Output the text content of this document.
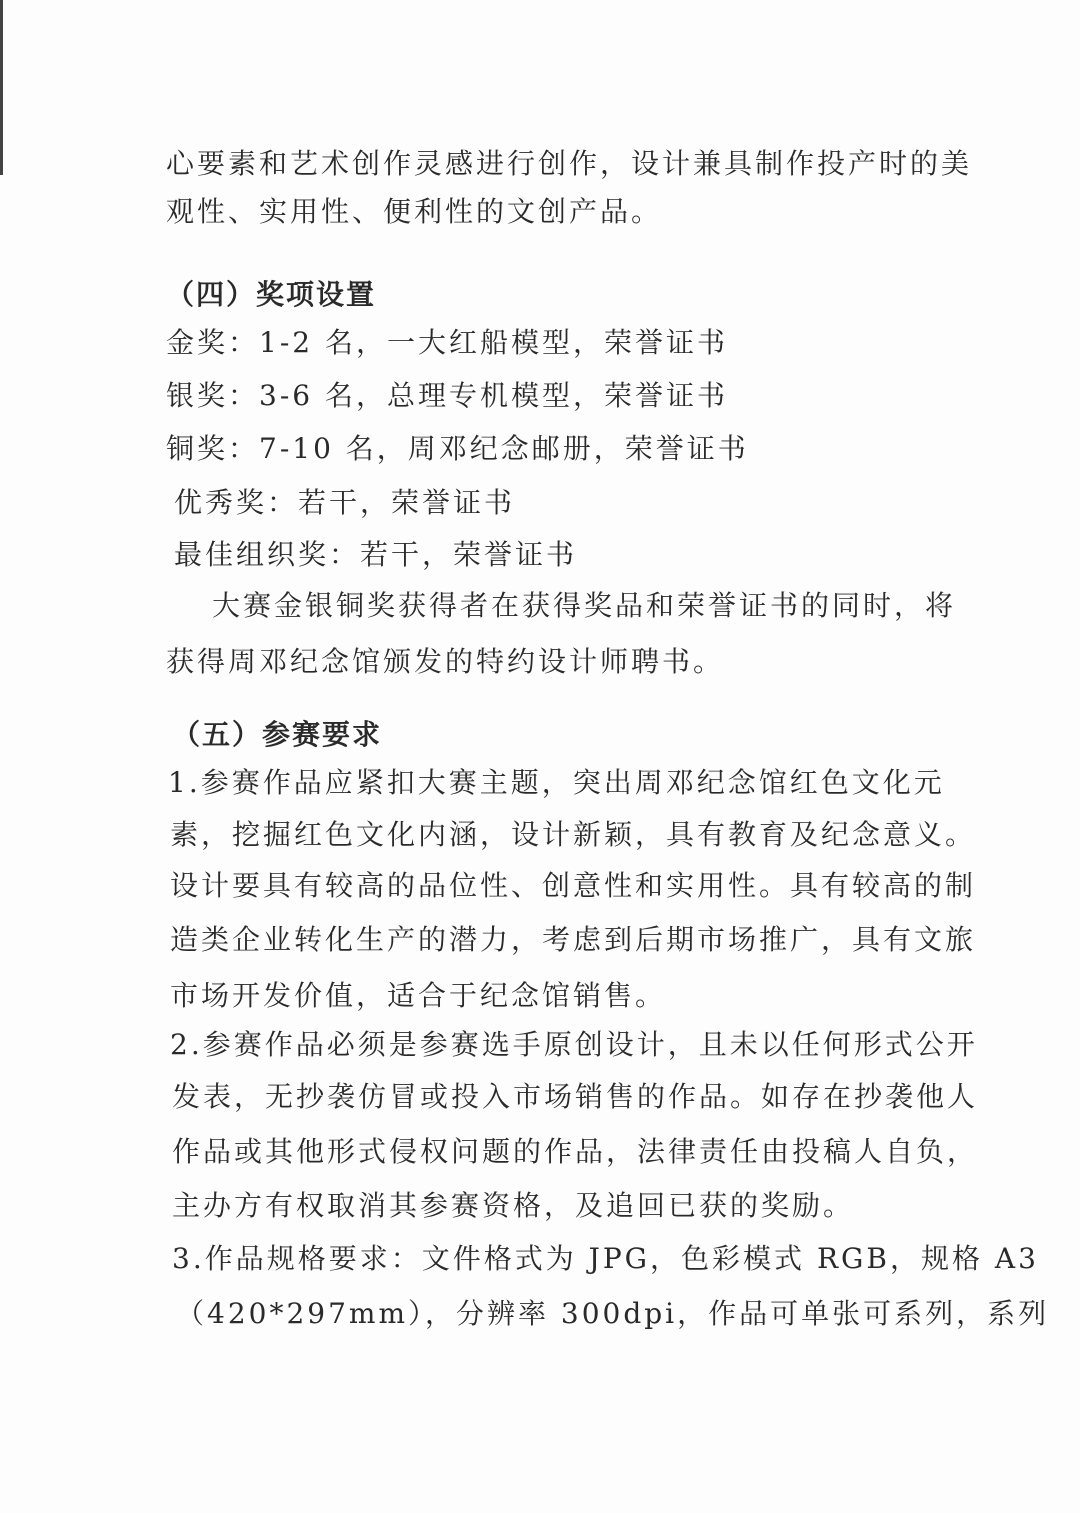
心要素和艺术创作灵感进行创作，设计兼具制作投产时的美
观性、实用性、便利性的文创产品。
（四）奖项设置
金奖：1-2 名，一大红船模型，荣誉证书
银奖：3-6 名，总理专机模型，荣誉证书
铜奖：7-10 名，周邓纪念邮册，荣誉证书
优秀奖：若干，荣誉证书
最佳组织奖：若干，荣誉证书
大赛金银铜奖获得者在获得奖品和荣誉证书的同时，将
获得周邓纪念馆颁发的特约设计师聘书。
（五）参赛要求
1.参赛作品应紧扣大赛主题，突出周邓纪念馆红色文化元
素，挖掘红色文化内涵，设计新颖，具有教育及纪念意义。
设计要具有较高的品位性、创意性和实用性。具有较高的制
造类企业转化生产的潜力，考虑到后期市场推广，具有文旅
市场开发价值，适合于纪念馆销售。
2.参赛作品必须是参赛选手原创设计，且未以任何形式公开
发表，无抄袭仿冒或投入市场销售的作品。如存在抄袭他人
作品或其他形式侵权问题的作品，法律责任由投稿人自负，
主办方有权取消其参赛资格，及追回已获的奖励。
3.作品规格要求：文件格式为 JPG，色彩模式 RGB，规格 A3
（420*297mm），分辨率 300dpi，作品可单张可系列，系列
